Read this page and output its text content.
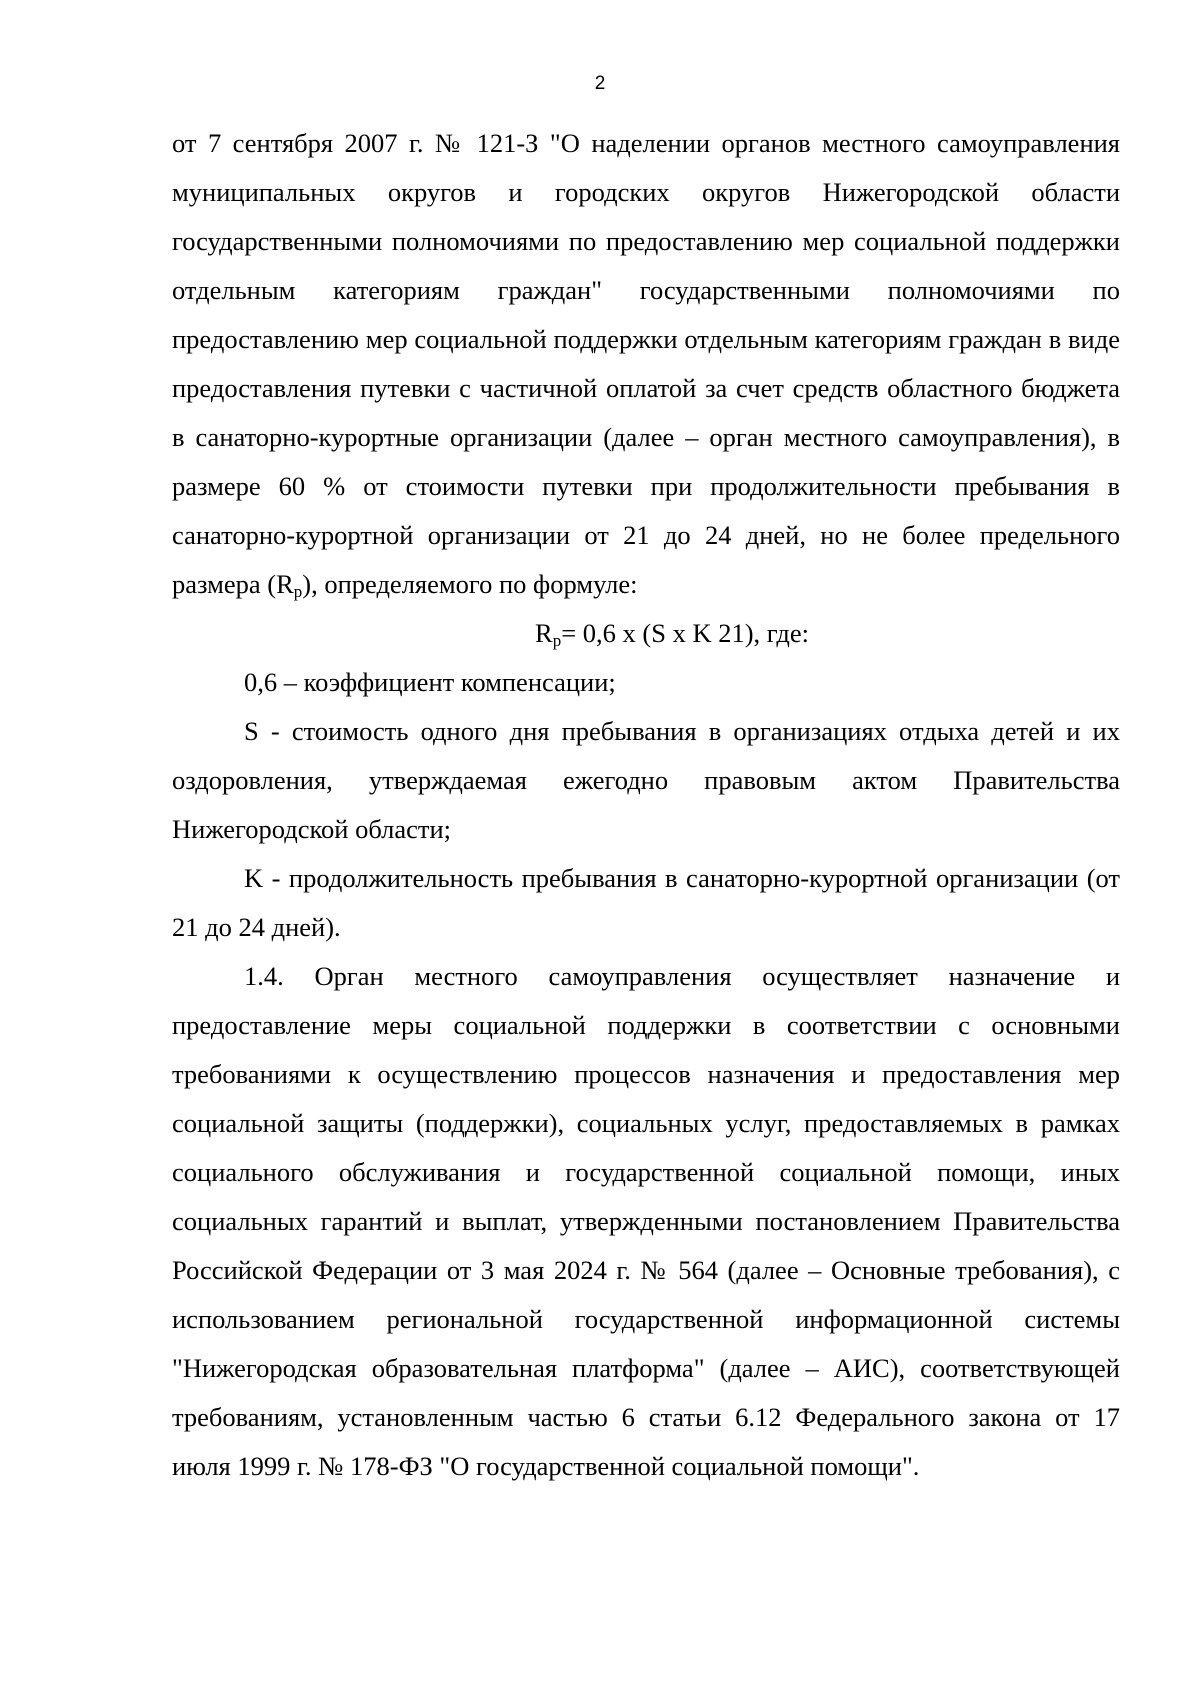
2

от 7 сентября 2007 г. № 121-З "О наделении органов местного самоуправления муниципальных округов и городских округов Нижегородской области государственными полномочиями по предоставлению мер социальной поддержки отдельным категориям граждан" государственными полномочиями по предоставлению мер социальной поддержки отдельным категориям граждан в виде предоставления путевки с частичной оплатой за счет средств областного бюджета в санаторно-курортные организации (далее – орган местного самоуправления), в размере 60 % от стоимости путевки при продолжительности пребывания в санаторно-курортной организации от 21 до 24 дней, но не более предельного размера $(R_p)$, определяемого по формуле:

$R_p= 0,6$ х (S х K 21), где:

0,6 – коэффициент компенсации;

S - стоимость одного дня пребывания в организациях отдыха детей и их оздоровления, утверждаемая ежегодно правовым актом Правительства Нижегородской области;

K - продолжительность пребывания в санаторно-курортной организации (от 21 до 24 дней).

1.4. Орган местного самоуправления осуществляет назначение и предоставление меры социальной поддержки в соответствии с основными требованиями к осуществлению процессов назначения и предоставления мер социальной защиты (поддержки), социальных услуг, предоставляемых в рамках социального обслуживания и государственной социальной помощи, иных социальных гарантий и выплат, утвержденными постановлением Правительства Российской Федерации от 3 мая 2024 г. № 564 (далее – Основные требования), с использованием региональной государственной информационной системы "Нижегородская образовательная платформа" (далее – АИС), соответствующей требованиям, установленным частью 6 статьи 6.12 Федерального закона от 17 июля 1999 г. № 178-ФЗ "О государственной социальной помощи".
